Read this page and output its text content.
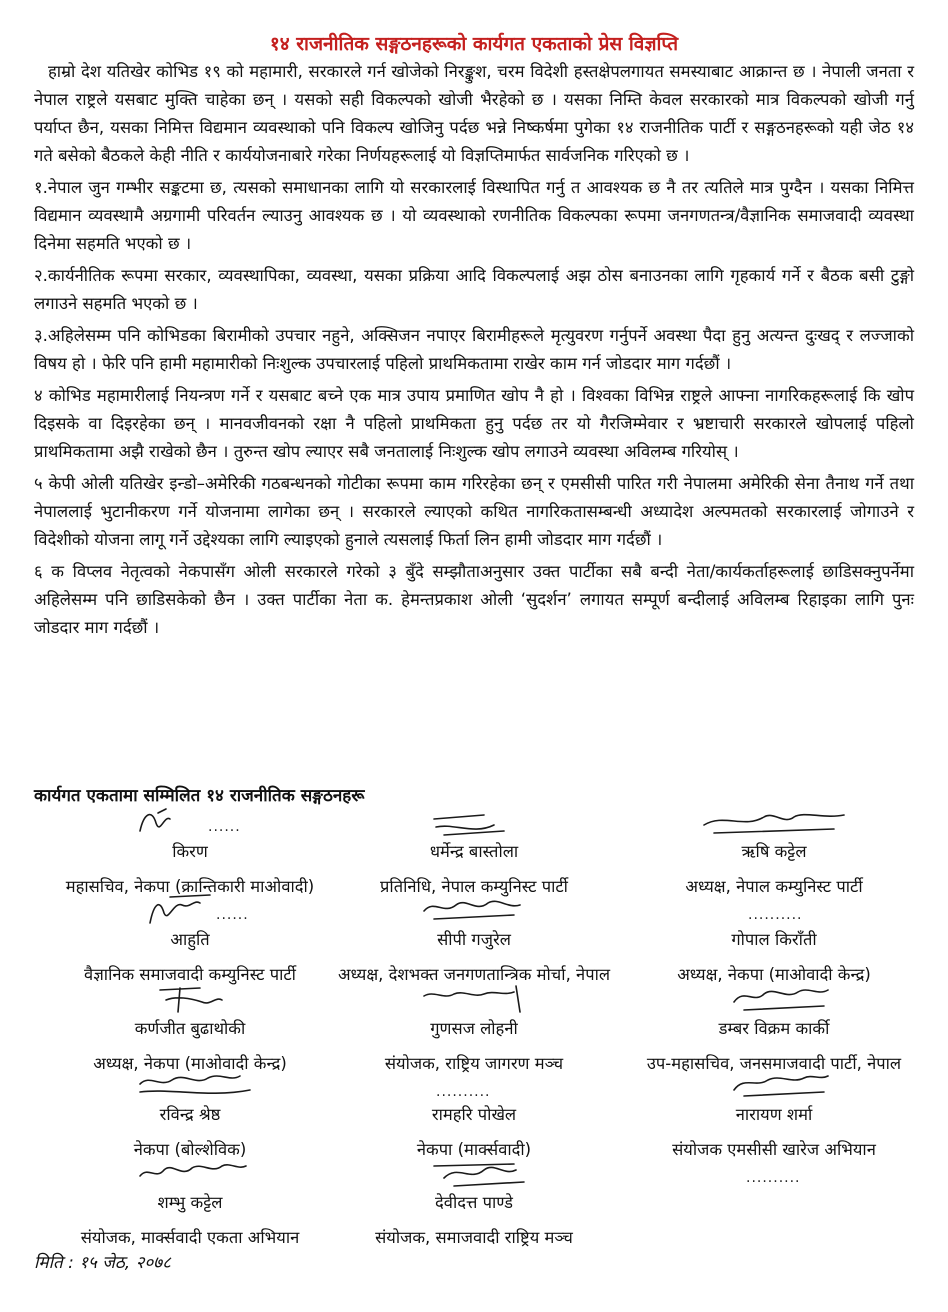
१४ राजनीतिक सङ्गठनहरूको कार्यगत एकताको प्रेस विज्ञप्ति

हाम्रो देश यतिखेर कोभिड १९ को महामारी, सरकारले गर्न खोजेको निरङ्कुश, चरम विदेशी हस्तक्षेपलगायत समस्याबाट आक्रान्त छ । नेपाली जनता र नेपाल राष्ट्रले यसबाट मुक्ति चाहेका छन् । यसको सही विकल्पको खोजी भैरहेको छ । यसका निम्ति केवल सरकारको मात्र विकल्पको खोजी गर्नु पर्याप्त छैन, यसका निमित्त विद्यमान व्यवस्थाको पनि विकल्प खोजिनु पर्दछ भन्ने निष्कर्षमा पुगेका १४ राजनीतिक पार्टी र सङ्गठनहरूको यही जेठ १४ गते बसेको बैठकले केही नीति र कार्ययोजनाबारे गरेका निर्णयहरूलाई यो विज्ञप्तिमार्फत सार्वजनिक गरिएको छ ।

१.नेपाल जुन गम्भीर सङ्कटमा छ, त्यसको समाधानका लागि यो सरकारलाई विस्थापित गर्नु त आवश्यक छ नै तर त्यतिले मात्र पुग्दैन । यसका निमित्त विद्यमान व्यवस्थामै अग्रगामी परिवर्तन ल्याउनु आवश्यक छ । यो व्यवस्थाको रणनीतिक विकल्पका रूपमा जनगणतन्त्र/वैज्ञानिक समाजवादी व्यवस्था दिनेमा सहमति भएको छ ।

२.कार्यनीतिक रूपमा सरकार, व्यवस्थापिका, व्यवस्था, यसका प्रक्रिया आदि विकल्पलाई अझ ठोस बनाउनका लागि गृहकार्य गर्ने र बैठक बसी टुङ्गो लगाउने सहमति भएको छ ।

३.अहिलेसम्म पनि कोभिडका बिरामीको उपचार नहुने, अक्सिजन नपाएर बिरामीहरूले मृत्युवरण गर्नुपर्ने अवस्था पैदा हुनु अत्यन्त दुःखद् र लज्जाको विषय हो । फेरि पनि हामी महामारीको निःशुल्क उपचारलाई पहिलो प्राथमिकतामा राखेर काम गर्न जोडदार माग गर्दछौं ।

४ कोभिड महामारीलाई नियन्त्रण गर्ने र यसबाट बच्ने एक मात्र उपाय प्रमाणित खोप नै हो । विश्वका विभिन्न राष्ट्रले आफ्ना नागरिकहरूलाई कि खोप दिइसके वा दिइरहेका छन् । मानवजीवनको रक्षा नै पहिलो प्राथमिकता हुनु पर्दछ तर यो गैरजिम्मेवार र भ्रष्टाचारी सरकारले खोपलाई पहिलो प्राथमिकतामा अझै राखेको छैन । तुरुन्त खोप ल्याएर सबै जनतालाई निःशुल्क खोप लगाउने व्यवस्था अविलम्ब गरियोस् ।

५ केपी ओली यतिखेर इन्डो–अमेरिकी गठबन्धनको गोटीका रूपमा काम गरिरहेका छन् र एमसीसी पारित गरी नेपालमा अमेरिकी सेना तैनाथ गर्ने तथा नेपाललाई भुटानीकरण गर्ने योजनामा लागेका छन् । सरकारले ल्याएको कथित नागरिकतासम्बन्धी अध्यादेश अल्पमतको सरकारलाई जोगाउने र विदेशीको योजना लागू गर्ने उद्देश्यका लागि ल्याइएको हुनाले त्यसलाई फिर्ता लिन हामी जोडदार माग गर्दछौं ।

६ क विप्लव नेतृत्वको नेकपासँग ओली सरकारले गरेको ३ बुँदे सम्झौताअनुसार उक्त पार्टीका सबै बन्दी नेता/कार्यकर्ताहरूलाई छाडिसक्नुपर्नेमा अहिलेसम्म पनि छाडिसकेको छैन । उक्त पार्टीका नेता क. हेमन्तप्रकाश ओली ‘सुदर्शन’ लगायत सम्पूर्ण बन्दीलाई अविलम्ब रिहाइका लागि पुनः जोडदार माग गर्दछौं ।

कार्यगत एकतामा सम्मिलित १४ राजनीतिक सङ्गठनहरू
......
किरण
महासचिव, नेकपा (क्रान्तिकारी माओवादी)
धर्मेन्द्र बास्तोला
प्रतिनिधि, नेपाल कम्युनिस्ट पार्टी
ऋषि कट्टेल
अध्यक्ष, नेपाल कम्युनिस्ट पार्टी
......
आहुति
वैज्ञानिक समाजवादी कम्युनिस्ट पार्टी
सीपी गजुरेल
अध्यक्ष, देशभक्त जनगणतान्त्रिक मोर्चा, नेपाल
..........
गोपाल किराँती
अध्यक्ष, नेकपा (माओवादी केन्द्र)
कर्णजीत बुढाथोकी
अध्यक्ष, नेकपा (माओवादी केन्द्र)
गुणसज लोहनी
संयोजक, राष्ट्रिय जागरण मञ्च
डम्बर विक्रम कार्की
उप-महासचिव, जनसमाजवादी पार्टी, नेपाल
रविन्द्र श्रेष्ठ
नेकपा (बोल्शेविक)
..........
रामहरि पोखेल
नेकपा (मार्क्सवादी)
नारायण शर्मा
संयोजक एमसीसी खारेज अभियान
शम्भु कट्टेल
संयोजक, मार्क्सवादी एकता अभियान
देवीदत्त पाण्डे
संयोजक, समाजवादी राष्ट्रिय मञ्च
..........
मिति : १५ जेठ, २०७८
